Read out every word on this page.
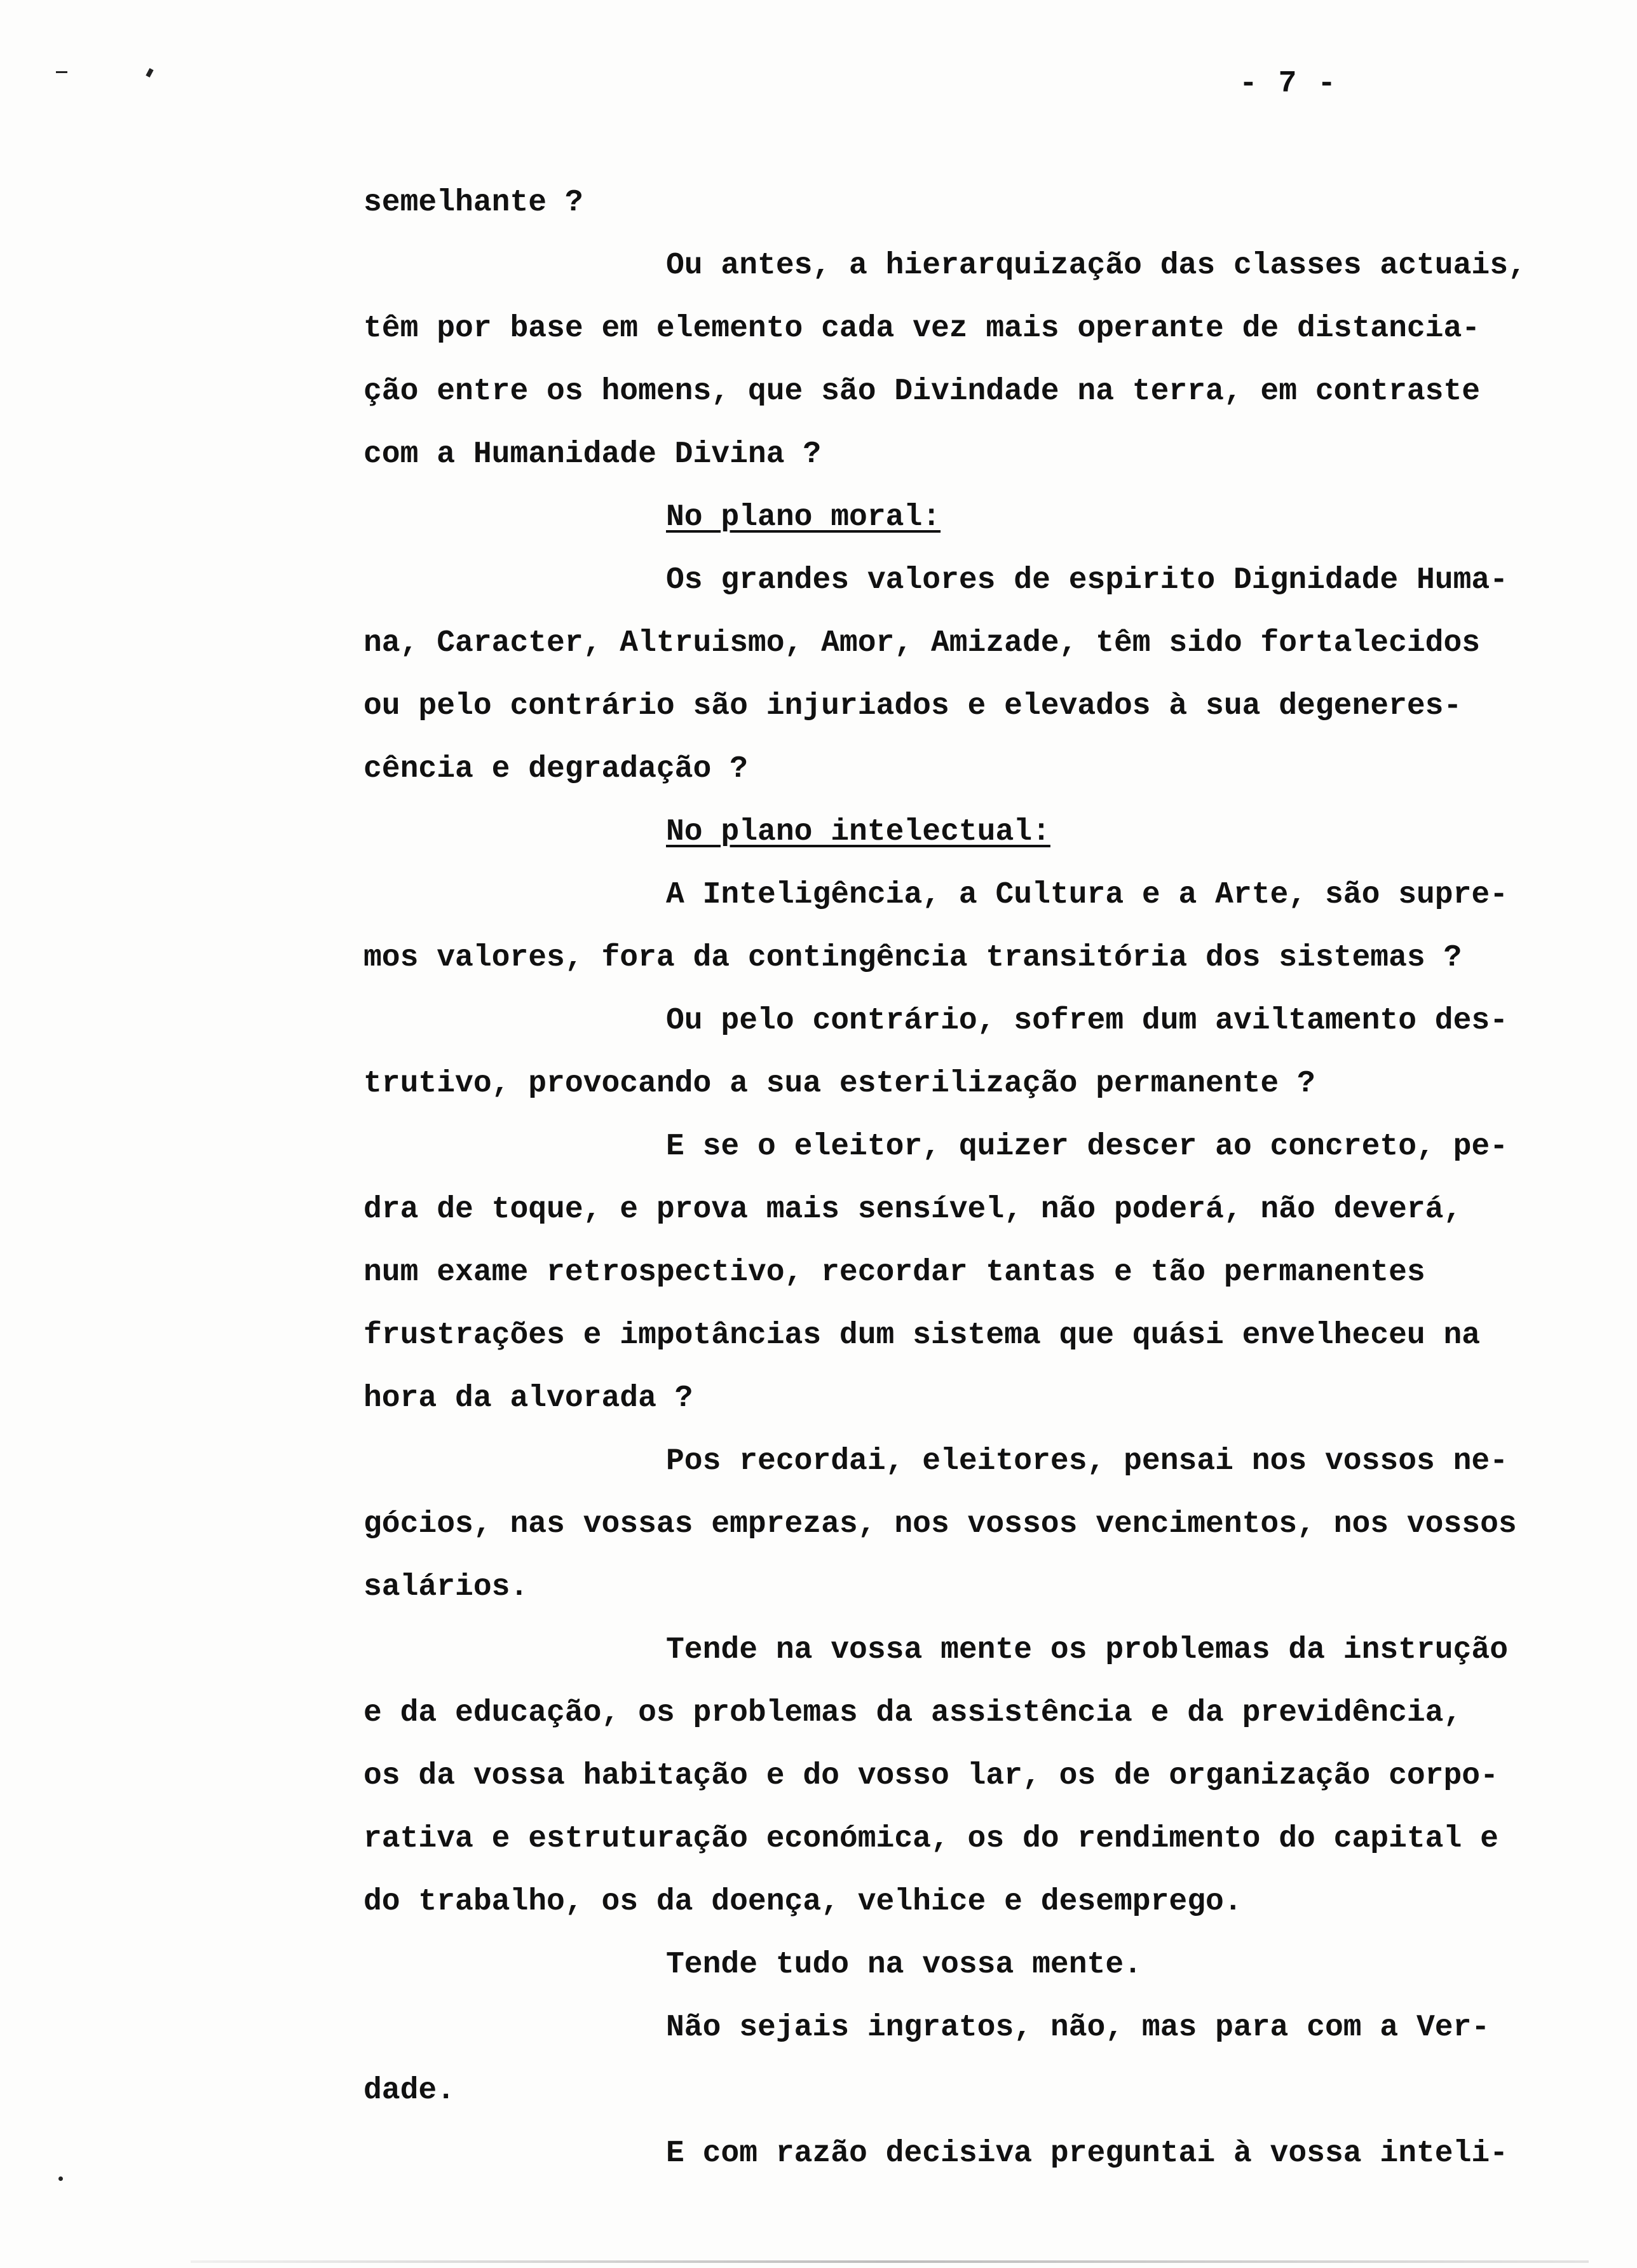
- 7 -
semelhante ?
Ou antes, a hierarquização das classes actuais,
têm por base em elemento cada vez mais operante de distancia-
ção entre os homens, que são Divindade na terra, em contraste
com a Humanidade Divina ?
No plano moral:
Os grandes valores de espirito Dignidade Huma-
na, Caracter, Altruismo, Amor, Amizade, têm sido fortalecidos
ou pelo contrário são injuriados e elevados à sua degeneres-
cência e degradação ?
No plano intelectual:
A Inteligência, a Cultura e a Arte, são supre-
mos valores, fora da contingência transitória dos sistemas ?
Ou pelo contrário, sofrem dum aviltamento des-
trutivo, provocando a sua esterilização permanente ?
E se o eleitor, quizer descer ao concreto, pe-
dra de toque, e prova mais sensível, não poderá, não deverá,
num exame retrospectivo, recordar tantas e tão permanentes
frustrações e impotâncias dum sistema que quási envelheceu na
hora da alvorada ?
Pos recordai, eleitores, pensai nos vossos ne-
gócios, nas vossas emprezas, nos vossos vencimentos, nos vossos
salários.
Tende na vossa mente os problemas da instrução
e da educação, os problemas da assistência e da previdência,
os da vossa habitação e do vosso lar, os de organização corpo-
rativa e estruturação económica, os do rendimento do capital e
do trabalho, os da doença, velhice e desemprego.
Tende tudo na vossa mente.
Não sejais ingratos, não, mas para com a Ver-
dade.
E com razão decisiva preguntai à vossa inteli-
